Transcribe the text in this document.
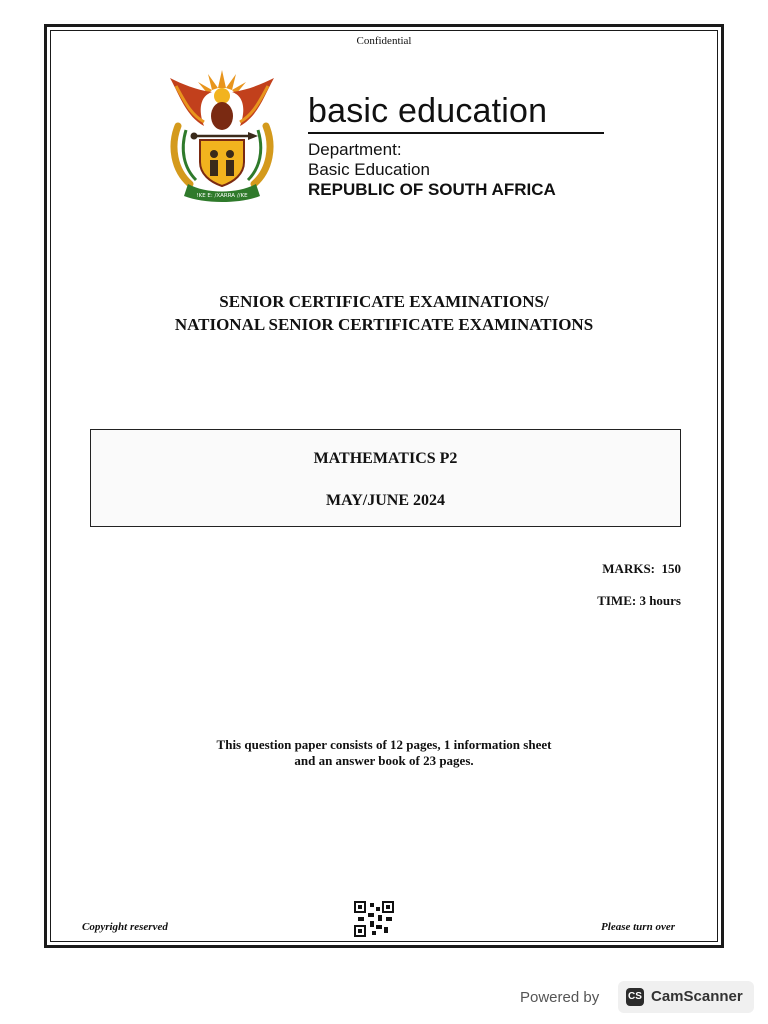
Confidential
!KE E: /XARRA //KE
basic education
Department:
Basic Education
REPUBLIC OF SOUTH AFRICA
SENIOR CERTIFICATE EXAMINATIONS/
NATIONAL SENIOR CERTIFICATE EXAMINATIONS
MATHEMATICS P2
MAY/JUNE 2024
MARKS:  150
TIME: 3 hours
This question paper consists of 12 pages, 1 information sheet
and an answer book of 23 pages.
Copyright reserved	Please turn over
Powered by	CS CamScanner
